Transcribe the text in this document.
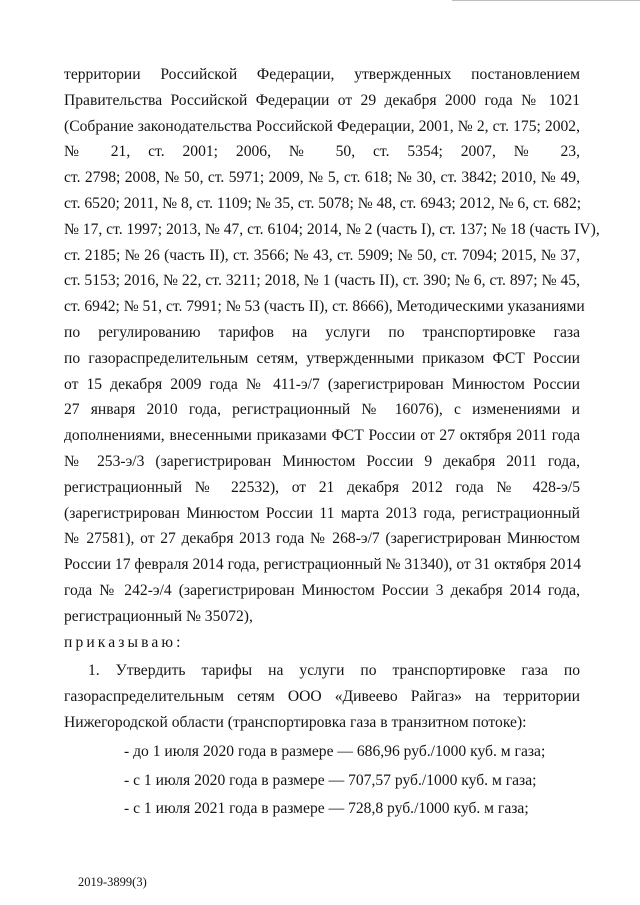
территории Российской Федерации, утвержденных постановлением
Правительства Российской Федерации от 29 декабря 2000 года № 1021
(Собрание законодательства Российской Федерации, 2001, № 2, ст. 175; 2002,
№ 21, ст. 2001; 2006, № 50, ст. 5354; 2007, № 23,
ст. 2798; 2008, № 50, ст. 5971; 2009, № 5, ст. 618; № 30, ст. 3842; 2010, № 49,
ст. 6520; 2011, № 8, ст. 1109; № 35, ст. 5078; № 48, ст. 6943; 2012, № 6, ст. 682;
№ 17, ст. 1997; 2013, № 47, ст. 6104; 2014, № 2 (часть I), ст. 137; № 18 (часть IV),
ст. 2185; № 26 (часть II), ст. 3566; № 43, ст. 5909; № 50, ст. 7094; 2015, № 37,
ст. 5153; 2016, № 22, ст. 3211; 2018, № 1 (часть II), ст. 390; № 6, ст. 897; № 45,
ст. 6942; № 51, ст. 7991; № 53 (часть II), ст. 8666), Методическими указаниями
по регулированию тарифов на услуги по транспортировке газа
по газораспределительным сетям, утвержденными приказом ФСТ России
от 15 декабря 2009 года № 411-э/7 (зарегистрирован Минюстом России
27 января 2010 года, регистрационный № 16076), с изменениями и
дополнениями, внесенными приказами ФСТ России от 27 октября 2011 года
№ 253-э/3 (зарегистрирован Минюстом России 9 декабря 2011 года,
регистрационный № 22532), от 21 декабря 2012 года № 428-э/5
(зарегистрирован Минюстом России 11 марта 2013 года, регистрационный
№ 27581), от 27 декабря 2013 года № 268-э/7 (зарегистрирован Минюстом
России 17 февраля 2014 года, регистрационный № 31340), от 31 октября 2014
года № 242-э/4 (зарегистрирован Минюстом России 3 декабря 2014 года,
регистрационный № 35072),
приказываю:
1. Утвердить тарифы на услуги по транспортировке газа по
газораспределительным сетям ООО «Дивеево Райгаз» на территории
Нижегородской области (транспортировка газа в транзитном потоке):
- до 1 июля 2020 года в размере — 686,96 руб./1000 куб. м газа;
- с 1 июля 2020 года в размере — 707,57 руб./1000 куб. м газа;
- с 1 июля 2021 года в размере — 728,8 руб./1000 куб. м газа;
2019-3899(3)
